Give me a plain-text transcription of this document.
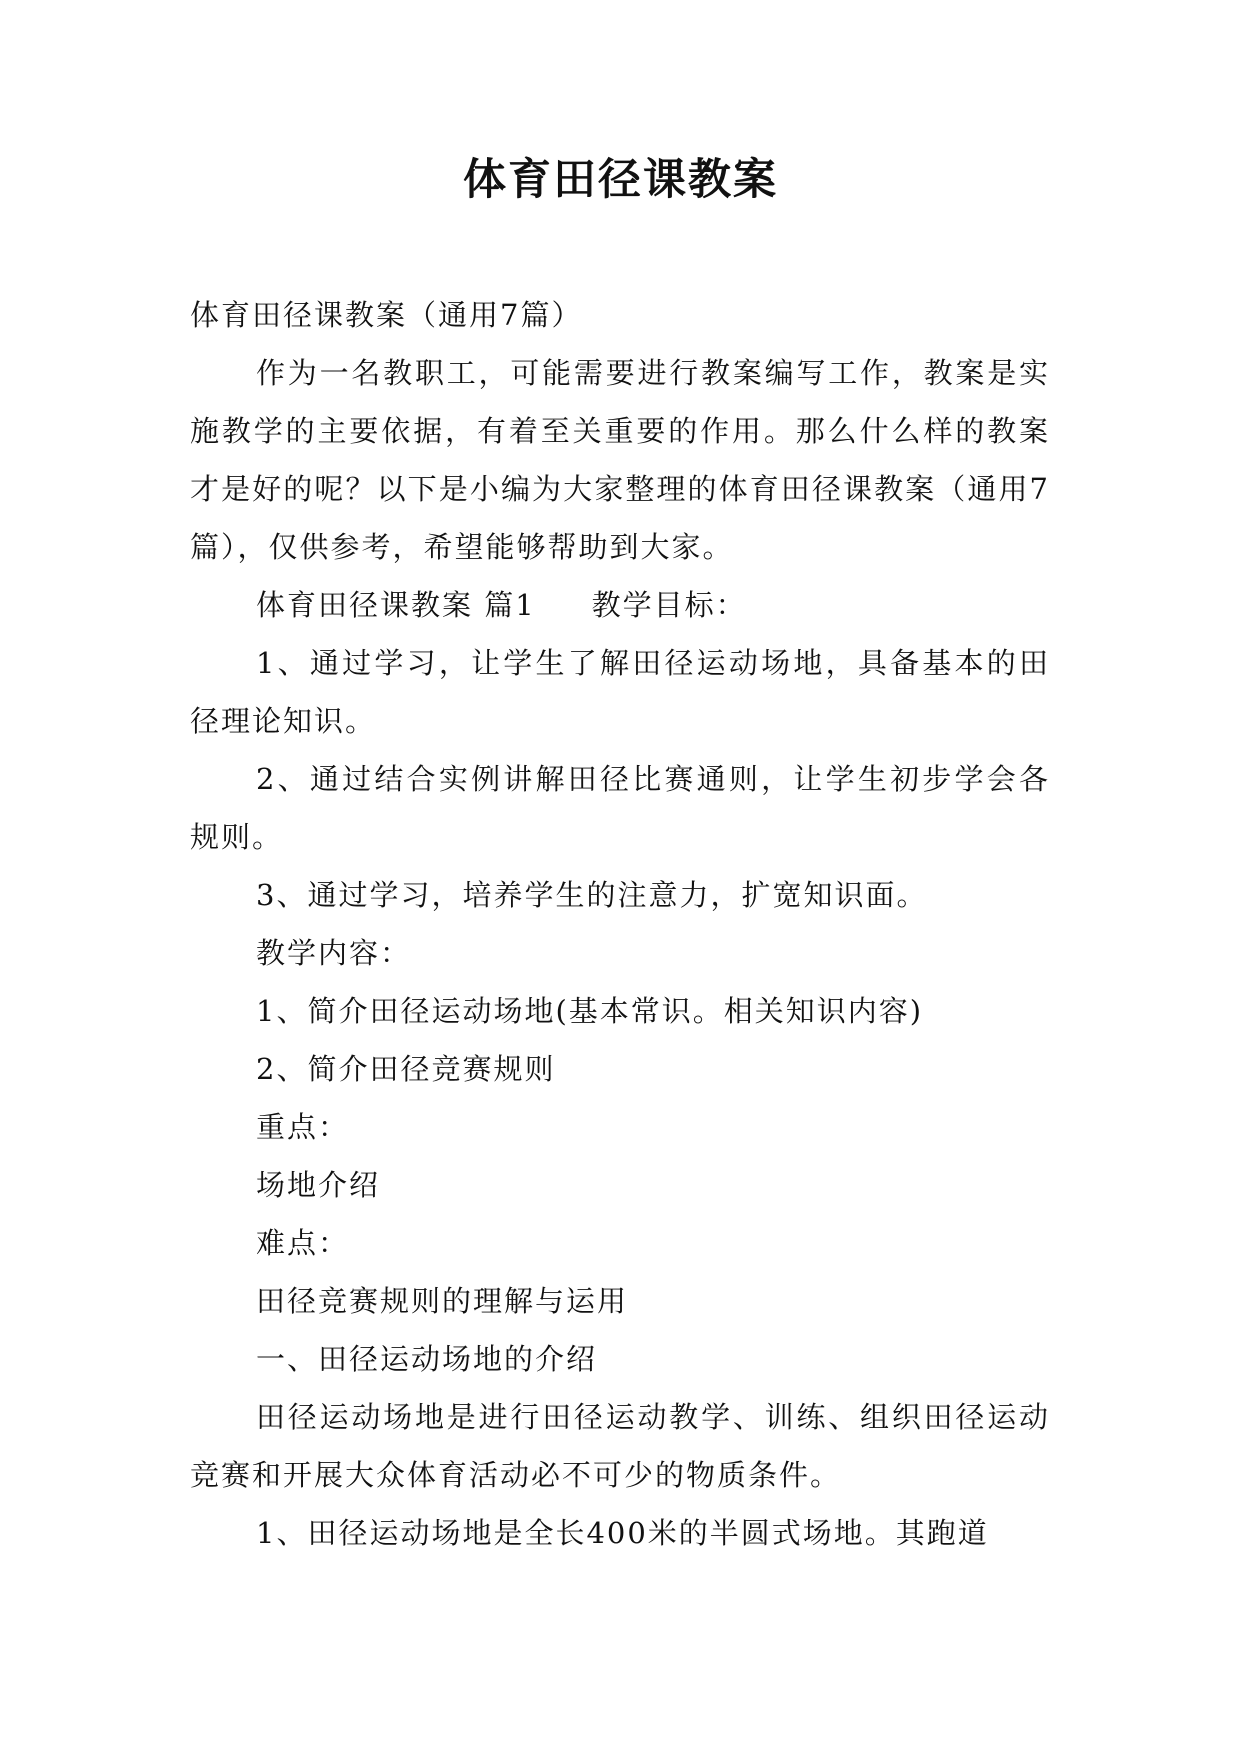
体育田径课教案

体育田径课教案（通用7篇）

作为一名教职工，可能需要进行教案编写工作，教案是实施教学的主要依据，有着至关重要的作用。那么什么样的教案才是好的呢？以下是小编为大家整理的体育田径课教案（通用7篇），仅供参考，希望能够帮助到大家。

体育田径课教案 篇1 教学目标：

1、通过学习，让学生了解田径运动场地，具备基本的田径理论知识。

2、通过结合实例讲解田径比赛通则，让学生初步学会各规则。

3、通过学习，培养学生的注意力，扩宽知识面。

教学内容：

1、简介田径运动场地(基本常识。相关知识内容)

2、简介田径竞赛规则

重点：

场地介绍

难点：

田径竞赛规则的理解与运用

一、田径运动场地的介绍

田径运动场地是进行田径运动教学、训练、组织田径运动竞赛和开展大众体育活动必不可少的物质条件。

1、田径运动场地是全长400米的半圆式场地。其跑道
